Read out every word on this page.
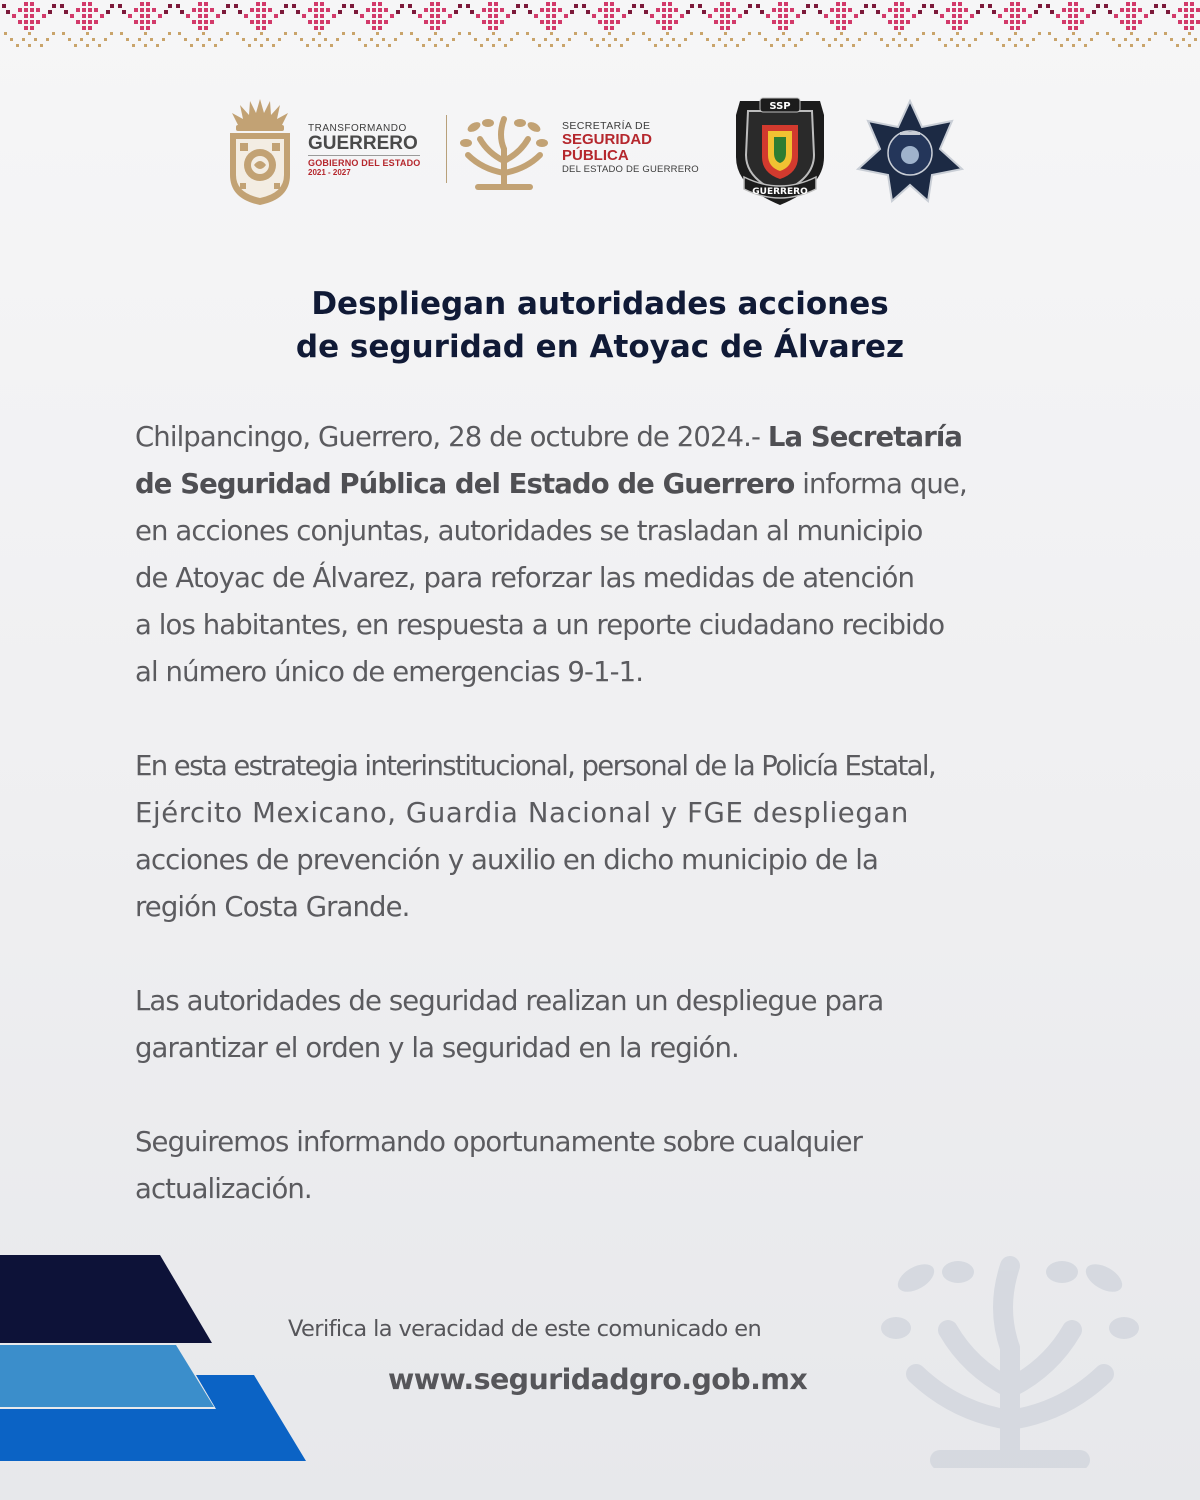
TRANSFORMANDO
GUERRERO
GOBIERNO DEL ESTADO
2021 - 2027
SECRETARÍA DE
SEGURIDAD
PÚBLICA
DEL ESTADO DE GUERRERO
SSP
GUERRERO
Despliegan autoridades acciones
de seguridad en Atoyac de Álvarez

Chilpancingo, Guerrero, 28 de octubre de 2024.- La Secretaría
de Seguridad Pública del Estado de Guerrero informa que,
en acciones conjuntas, autoridades se trasladan al municipio
de Atoyac de Álvarez, para reforzar las medidas de atención
a los habitantes, en respuesta a un reporte ciudadano recibido
al número único de emergencias 9-1-1.

En esta estrategia interinstitucional, personal de la Policía Estatal,
Ejército Mexicano, Guardia Nacional y FGE despliegan
acciones de prevención y auxilio en dicho municipio de la
región Costa Grande.

Las autoridades de seguridad realizan un despliegue para
garantizar el orden y la seguridad en la región.

Seguiremos informando oportunamente sobre cualquier
actualización.

Verifica la veracidad de este comunicado en
www.seguridadgro.gob.mx
